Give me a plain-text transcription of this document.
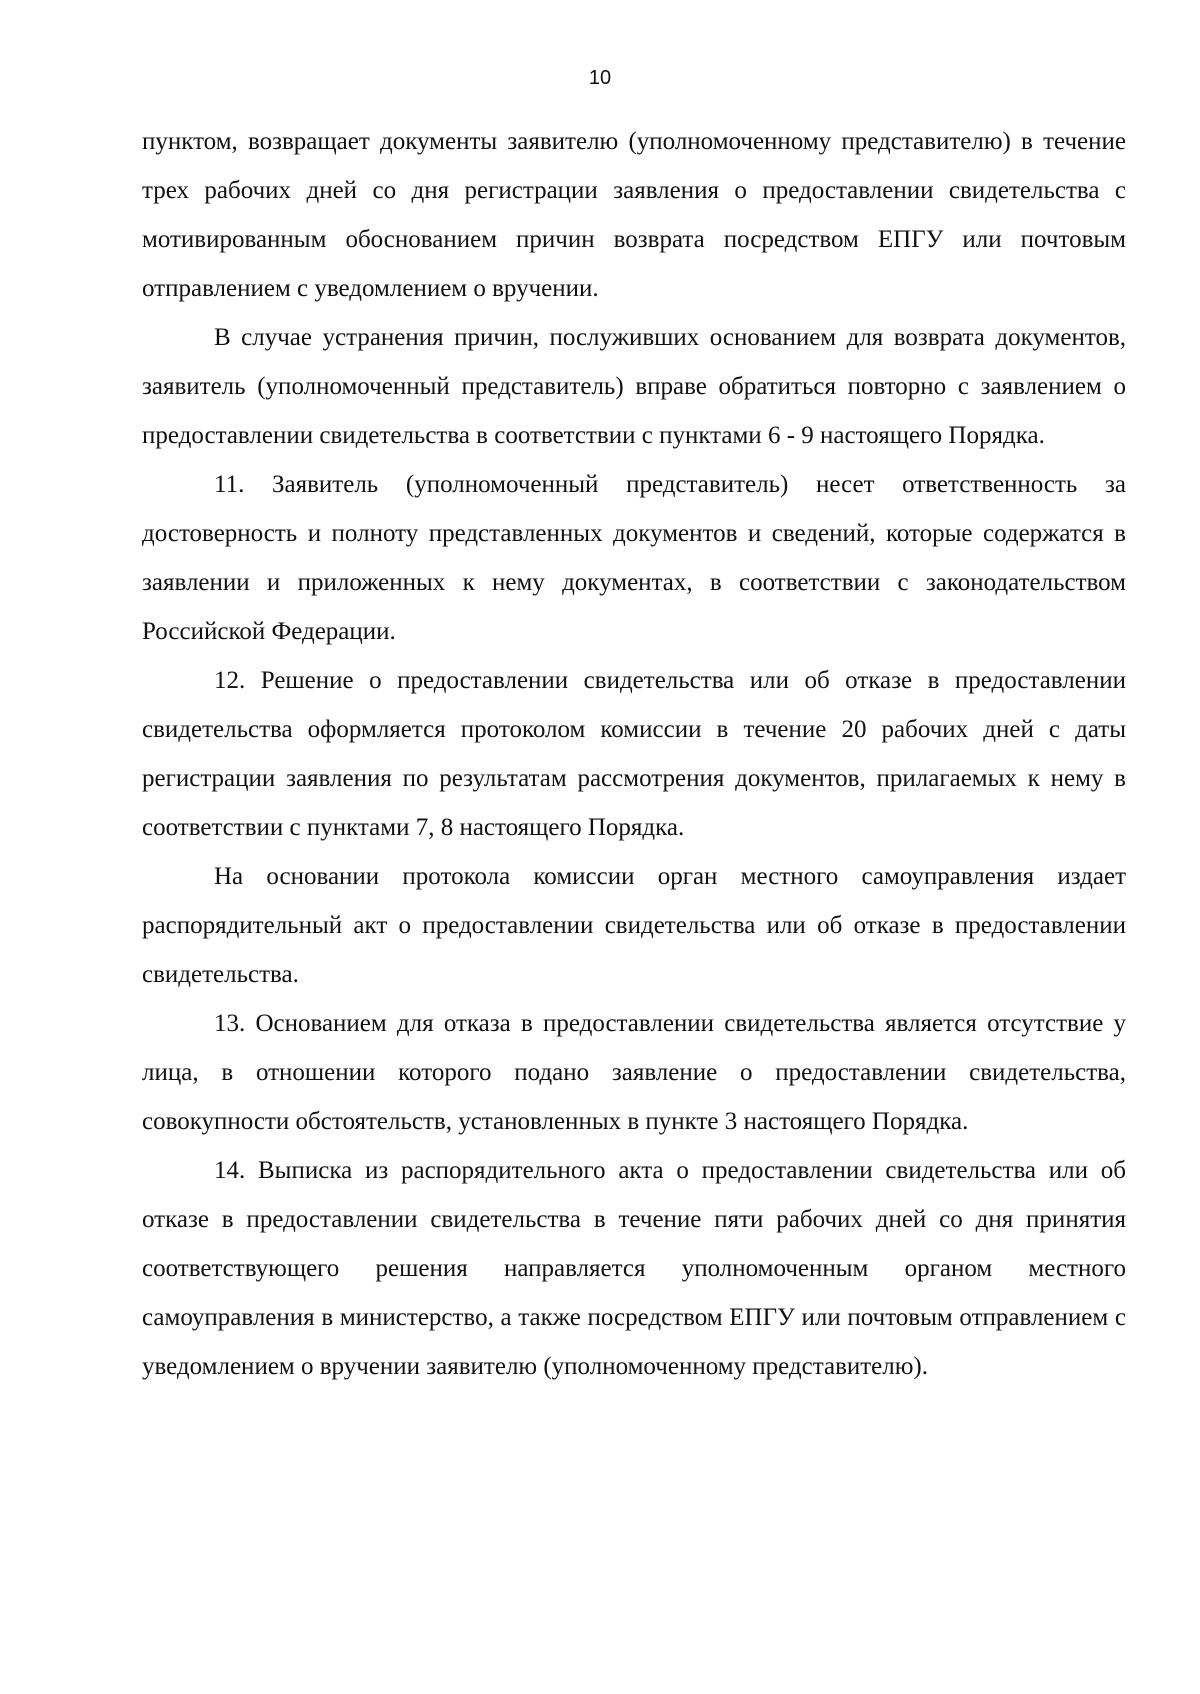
10

пунктом, возвращает документы заявителю (уполномоченному представителю) в течение трех рабочих дней со дня регистрации заявления о предоставлении свидетельства с мотивированным обоснованием причин возврата посредством ЕПГУ или почтовым отправлением с уведомлением о вручении.

В случае устранения причин, послуживших основанием для возврата документов, заявитель (уполномоченный представитель) вправе обратиться повторно с заявлением о предоставлении свидетельства в соответствии с пунктами 6 - 9 настоящего Порядка.

11. Заявитель (уполномоченный представитель) несет ответственность за достоверность и полноту представленных документов и сведений, которые содержатся в заявлении и приложенных к нему документах, в соответствии с законодательством Российской Федерации.

12. Решение о предоставлении свидетельства или об отказе в предоставлении свидетельства оформляется протоколом комиссии в течение 20 рабочих дней с даты регистрации заявления по результатам рассмотрения документов, прилагаемых к нему в соответствии с пунктами 7, 8 настоящего Порядка.

На основании протокола комиссии орган местного самоуправления издает распорядительный акт о предоставлении свидетельства или об отказе в предоставлении свидетельства.

13. Основанием для отказа в предоставлении свидетельства является отсутствие у лица, в отношении которого подано заявление о предоставлении свидетельства, совокупности обстоятельств, установленных в пункте 3 настоящего Порядка.

14. Выписка из распорядительного акта о предоставлении свидетельства или об отказе в предоставлении свидетельства в течение пяти рабочих дней со дня принятия соответствующего решения направляется уполномоченным органом местного самоуправления в министерство, а также посредством ЕПГУ или почтовым отправлением с уведомлением о вручении заявителю (уполномоченному представителю).
